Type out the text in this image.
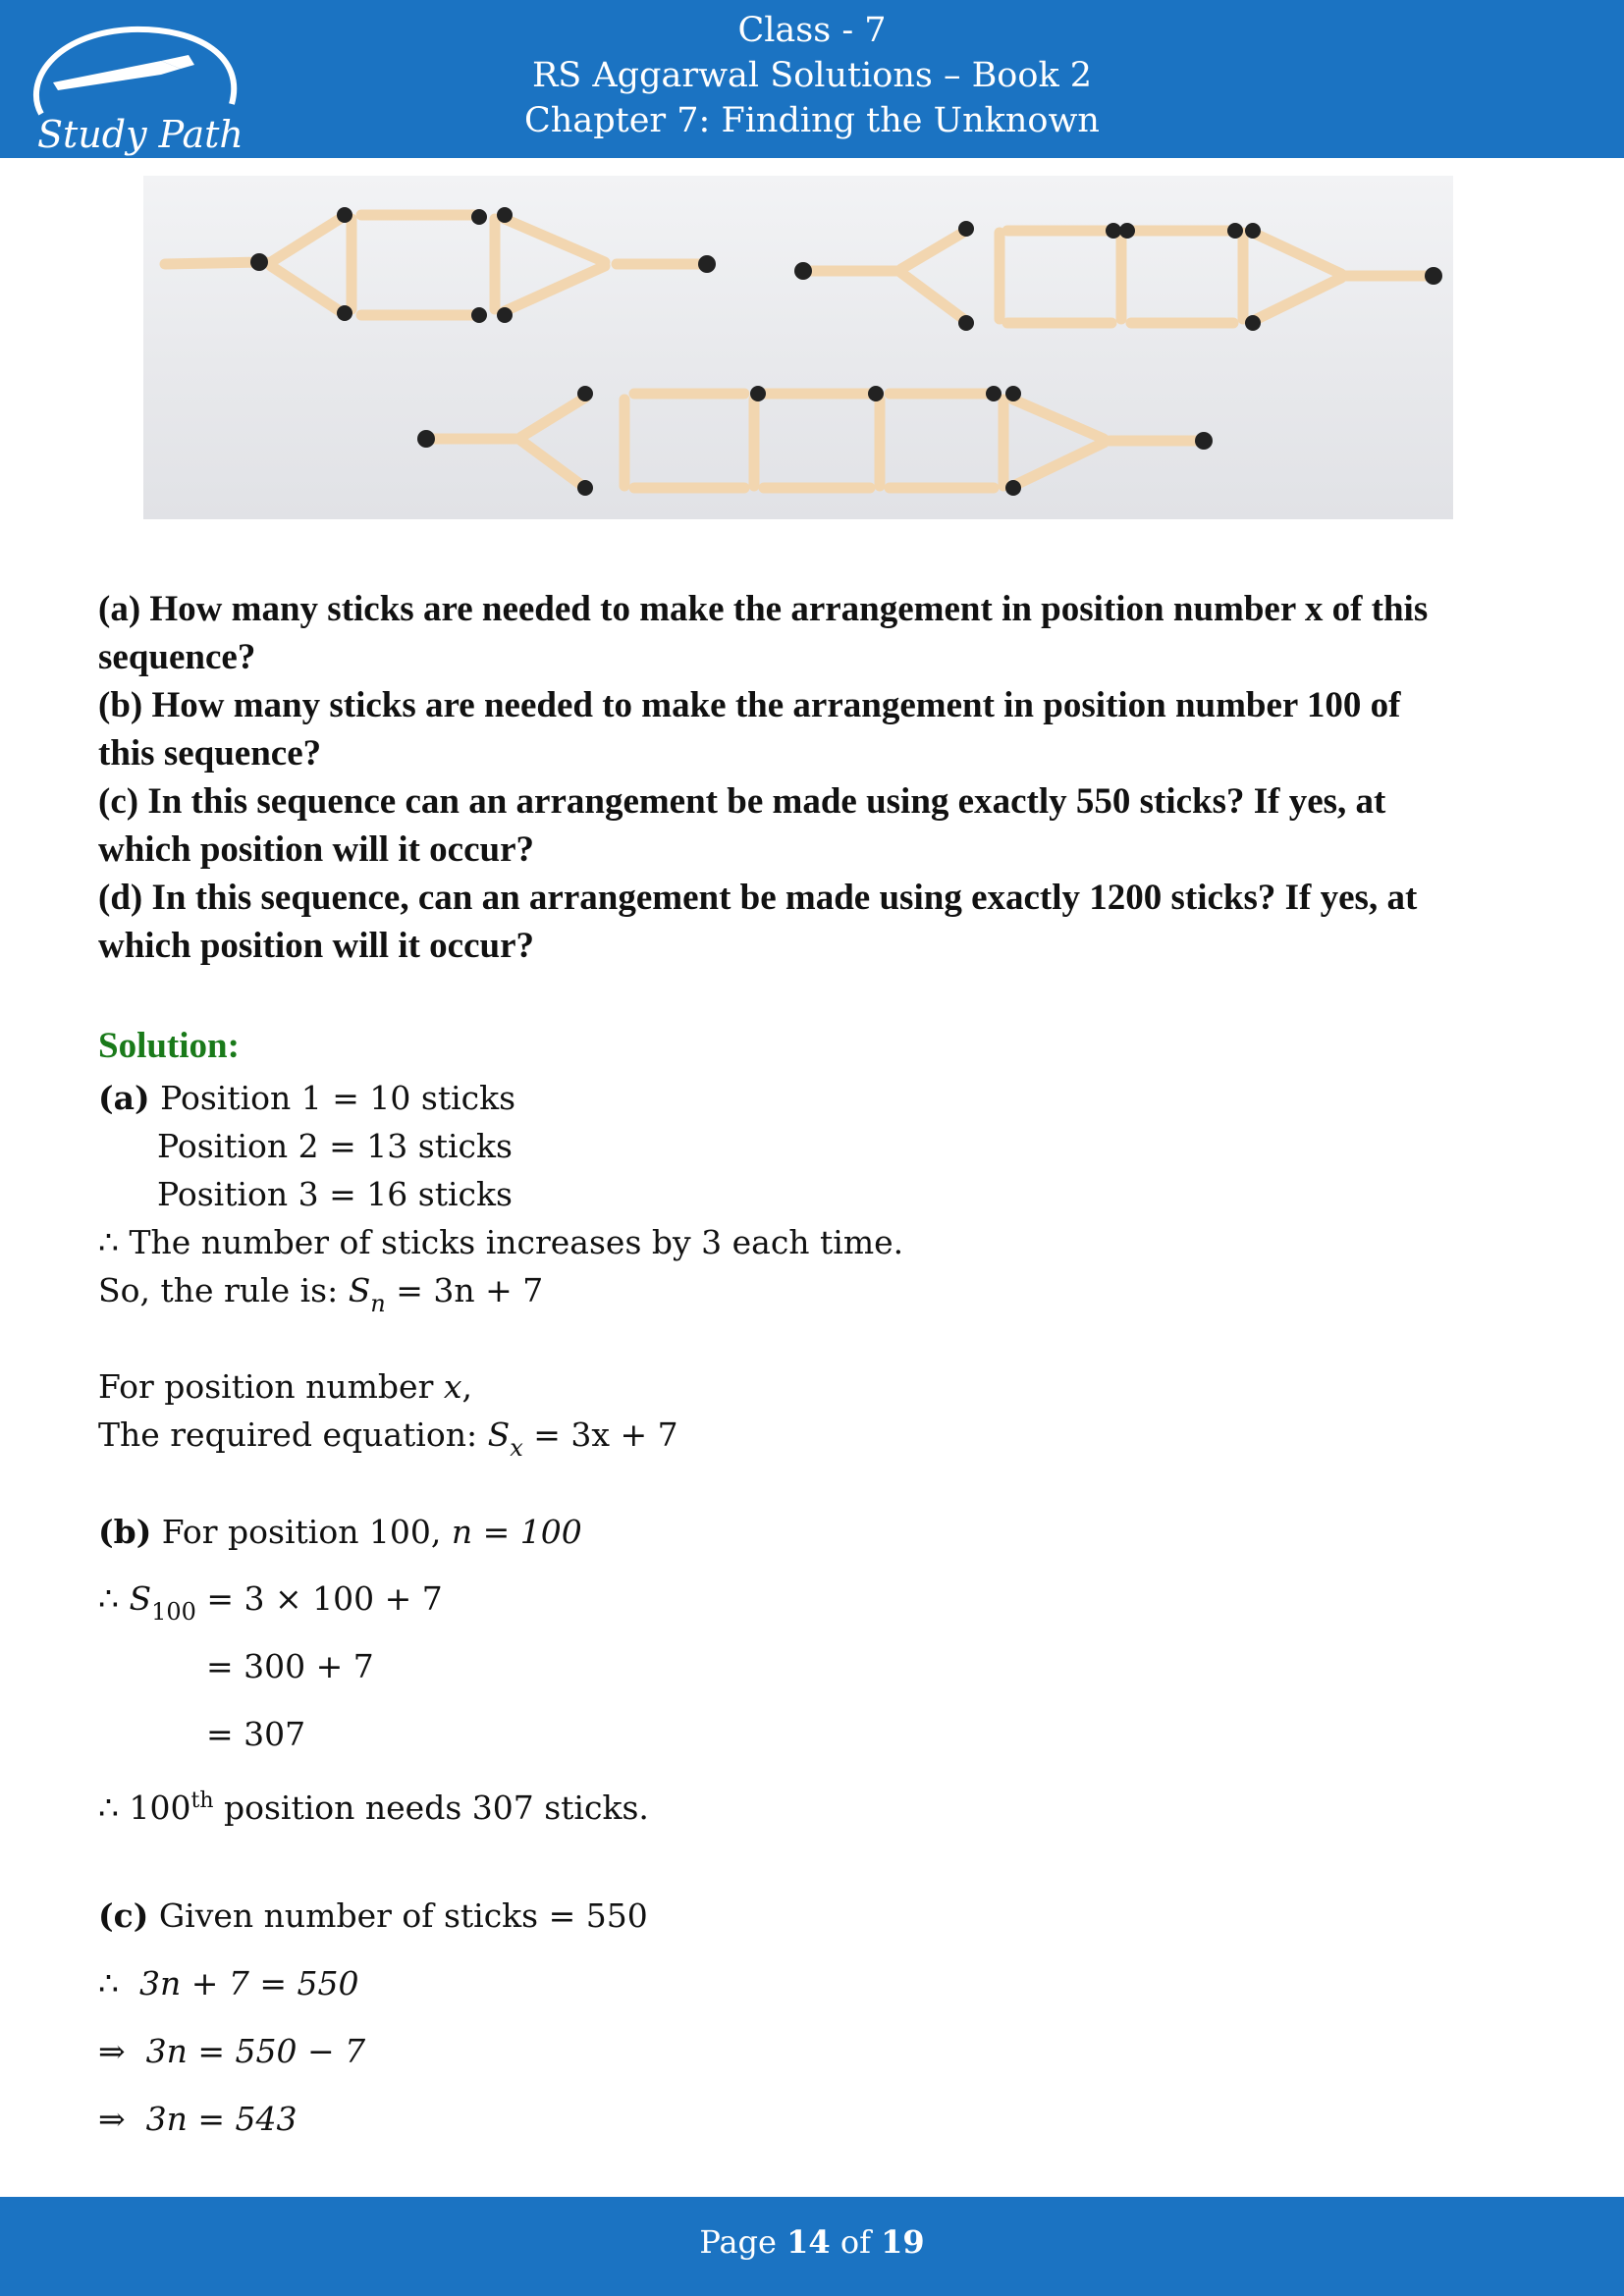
Class - 7
RS Aggarwal Solutions – Book 2
Chapter 7: Finding the Unknown
Study Path

(a) How many sticks are needed to make the arrangement in position number x of this

sequence?

(b) How many sticks are needed to make the arrangement in position number 100 of

this sequence?

(c) In this sequence can an arrangement be made using exactly 550 sticks? If yes, at

which position will it occur?

(d) In this sequence, can an arrangement be made using exactly 1200 sticks? If yes, at

which position will it occur?

Solution:
(a) Position 1 = 10 sticks
Position 2 = 13 sticks
Position 3 = 16 sticks
∴ The number of sticks increases by 3 each time.
So, the rule is: $S_n = 3n + 7$
For position number x,
The required equation: $S_x = 3x + 7$
(b) For position 100, n = 100
∴ $S_{100} = 3 \times 100 + 7$
= 300 + 7
= 307
∴ 100th position needs 307 sticks.
(c) Given number of sticks = 550
∴ 3n + 7 = 550
⇒ 3n = 550 − 7
⇒ 3n = 543
Page 14 of 19
